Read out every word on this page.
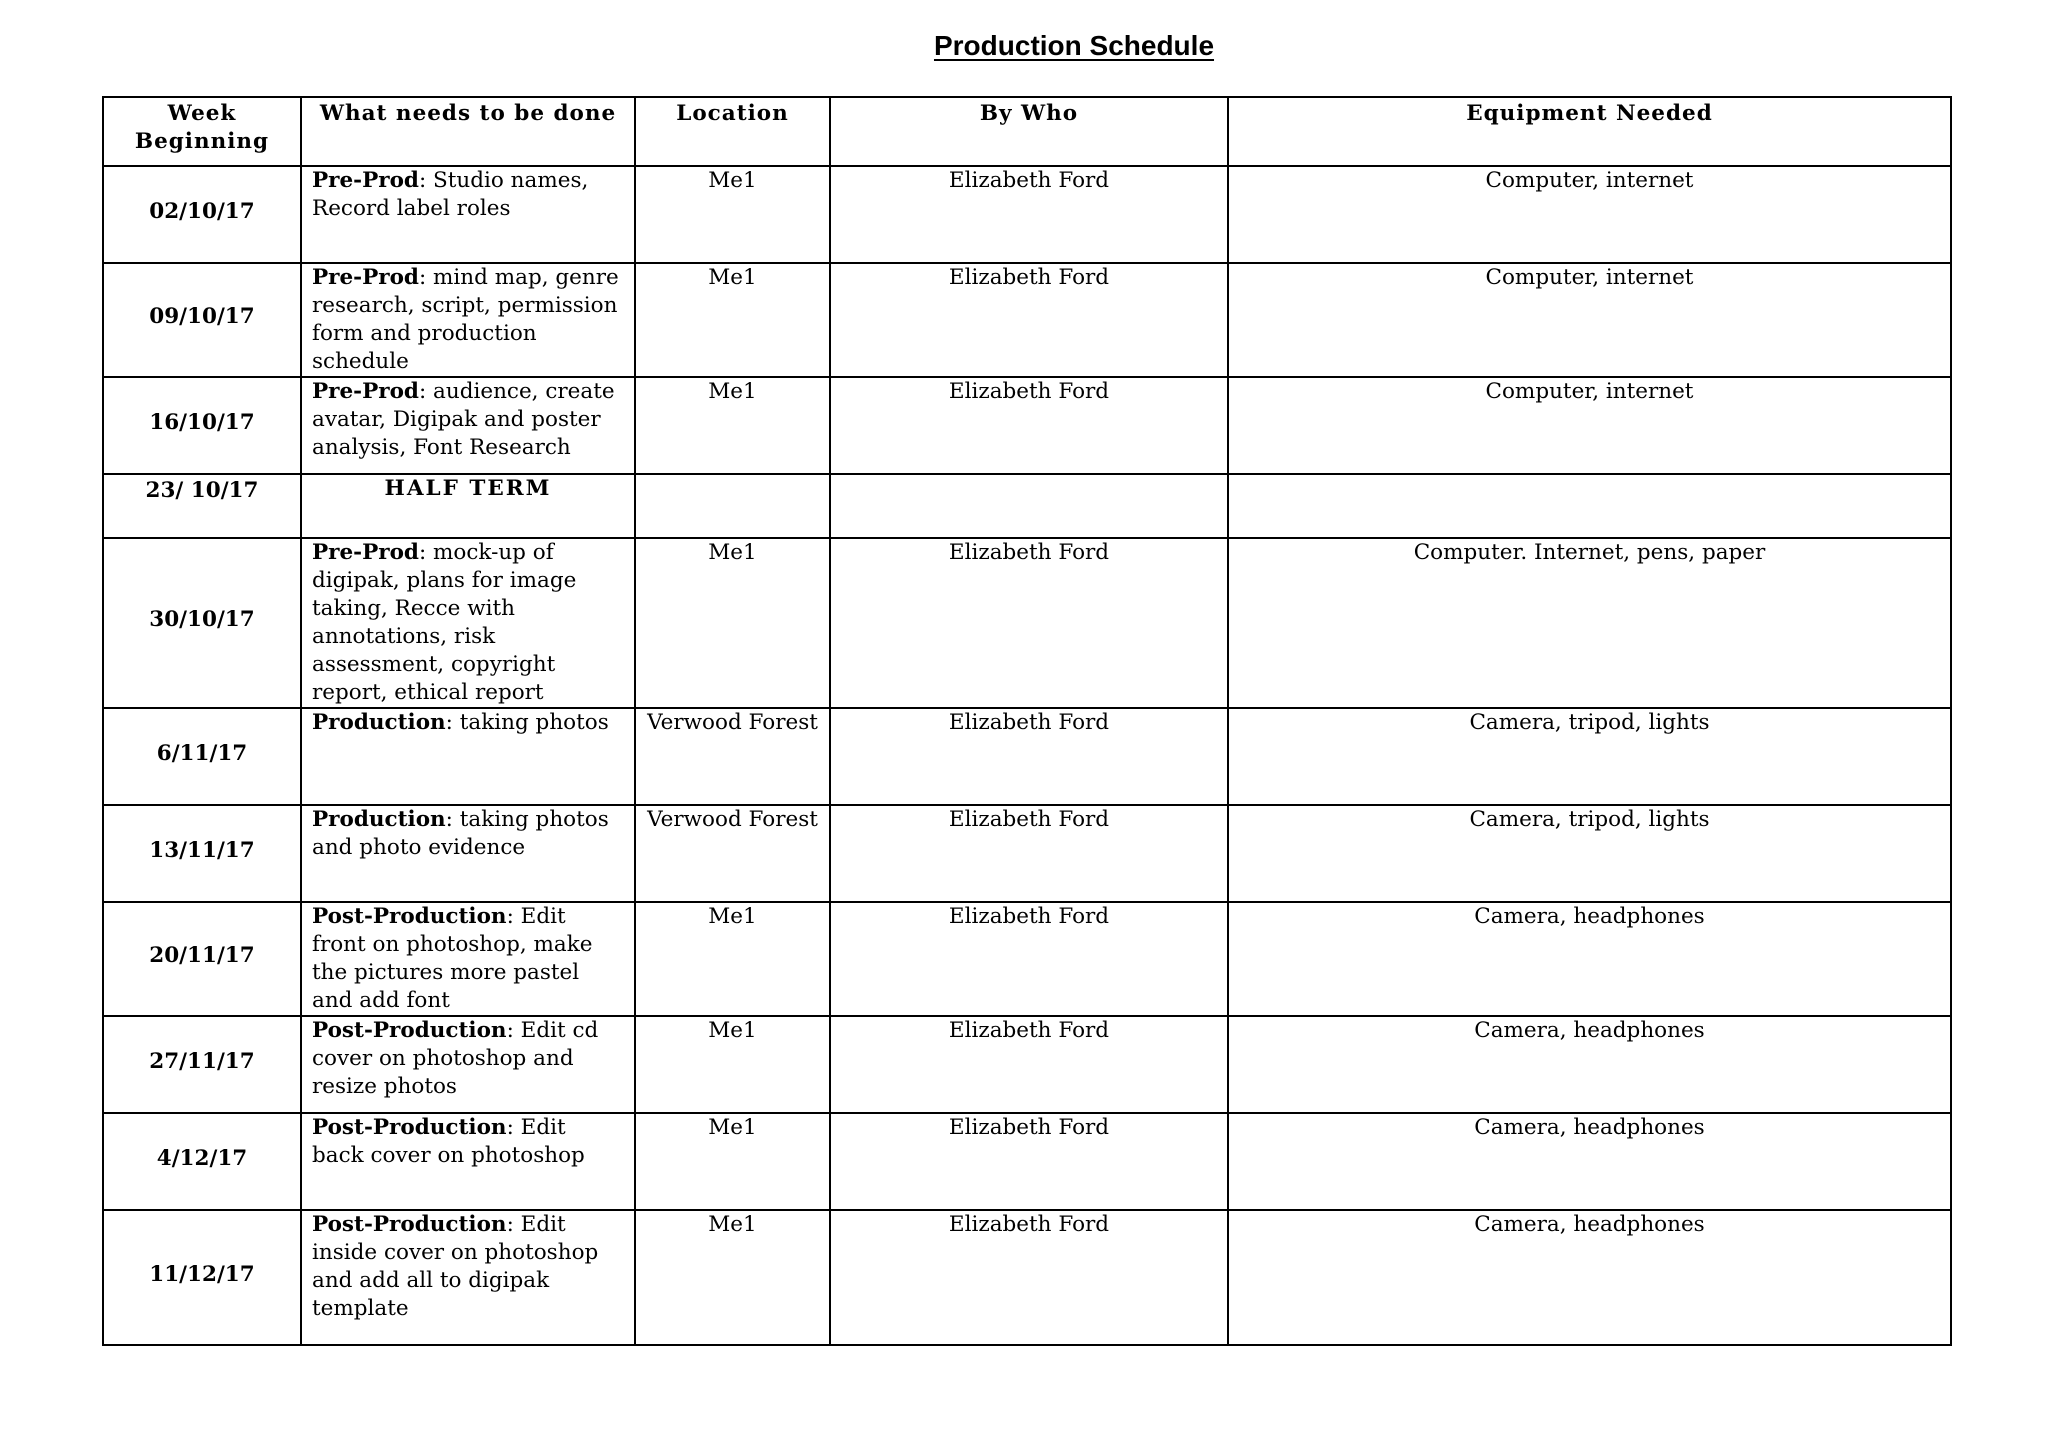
Production Schedule
Week Beginning	What needs to be done	Location	By Who	Equipment Needed
02/10/17	Pre-Prod: Studio names, Record label roles	Me1	Elizabeth Ford	Computer, internet
09/10/17	Pre-Prod: mind map, genre research, script, permission form and production schedule	Me1	Elizabeth Ford	Computer, internet
16/10/17	Pre-Prod: audience, create avatar, Digipak and poster analysis, Font Research	Me1	Elizabeth Ford	Computer, internet
23/ 10/17	HALF TERM			
30/10/17	Pre-Prod: mock-up of digipak, plans for image taking, Recce with annotations, risk assessment, copyright report, ethical report	Me1	Elizabeth Ford	Computer. Internet, pens, paper
6/11/17	Production: taking photos	Verwood Forest	Elizabeth Ford	Camera, tripod, lights
13/11/17	Production: taking photos and photo evidence	Verwood Forest	Elizabeth Ford	Camera, tripod, lights
20/11/17	Post-Production: Edit front on photoshop, make the pictures more pastel and add font	Me1	Elizabeth Ford	Camera, headphones
27/11/17	Post-Production: Edit cd cover on photoshop and resize photos	Me1	Elizabeth Ford	Camera, headphones
4/12/17	Post-Production: Edit back cover on photoshop	Me1	Elizabeth Ford	Camera, headphones
11/12/17	Post-Production: Edit inside cover on photoshop and add all to digipak template	Me1	Elizabeth Ford	Camera, headphones
